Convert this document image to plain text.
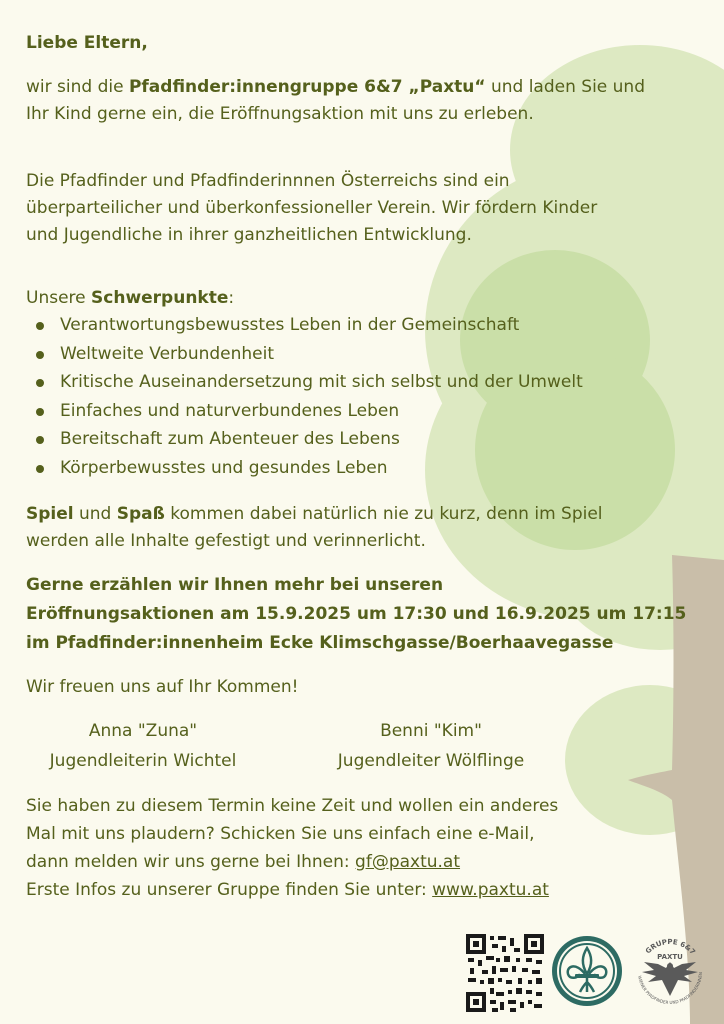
Liebe Eltern,

wir sind die Pfadfinder:innengruppe 6&7 „Paxtu“ und laden Sie und
Ihr Kind gerne ein, die Eröffnungsaktion mit uns zu erleben.

Die Pfadfinder und Pfadfinderinnnen Österreichs sind ein
überparteilicher und überkonfessioneller Verein. Wir fördern Kinder
und Jugendliche in ihrer ganzheitlichen Entwicklung.

Unsere Schwerpunkte:

Verantwortungsbewusstes Leben in der Gemeinschaft
Weltweite Verbundenheit
Kritische Auseinandersetzung mit sich selbst und der Umwelt
Einfaches und naturverbundenes Leben
Bereitschaft zum Abenteuer des Lebens
Körperbewusstes und gesundes Leben

Spiel und Spaß kommen dabei natürlich nie zu kurz, denn im Spiel
werden alle Inhalte gefestigt und verinnerlicht.

Gerne erzählen wir Ihnen mehr bei unseren
Eröffnungsaktionen am 15.9.2025 um 17:30 und 16.9.2025 um 17:15
im Pfadfinder:innenheim Ecke Klimschgasse/Boerhaavegasse

Wir freuen uns auf Ihr Kommen!

Anna "Zuna"
Jugendleiterin Wichtel
Benni "Kim"
Jugendleiter Wölflinge

Sie haben zu diesem Termin keine Zeit und wollen ein anderes
Mal mit uns plaudern? Schicken Sie uns einfach eine e-Mail,
dann melden wir uns gerne bei Ihnen: gf@paxtu.at
Erste Infos zu unserer Gruppe finden Sie unter: www.paxtu.at

GRUPPE 6&7
PAXTU
WIENER PFADFINDER UND PFADFINDERINNEN
